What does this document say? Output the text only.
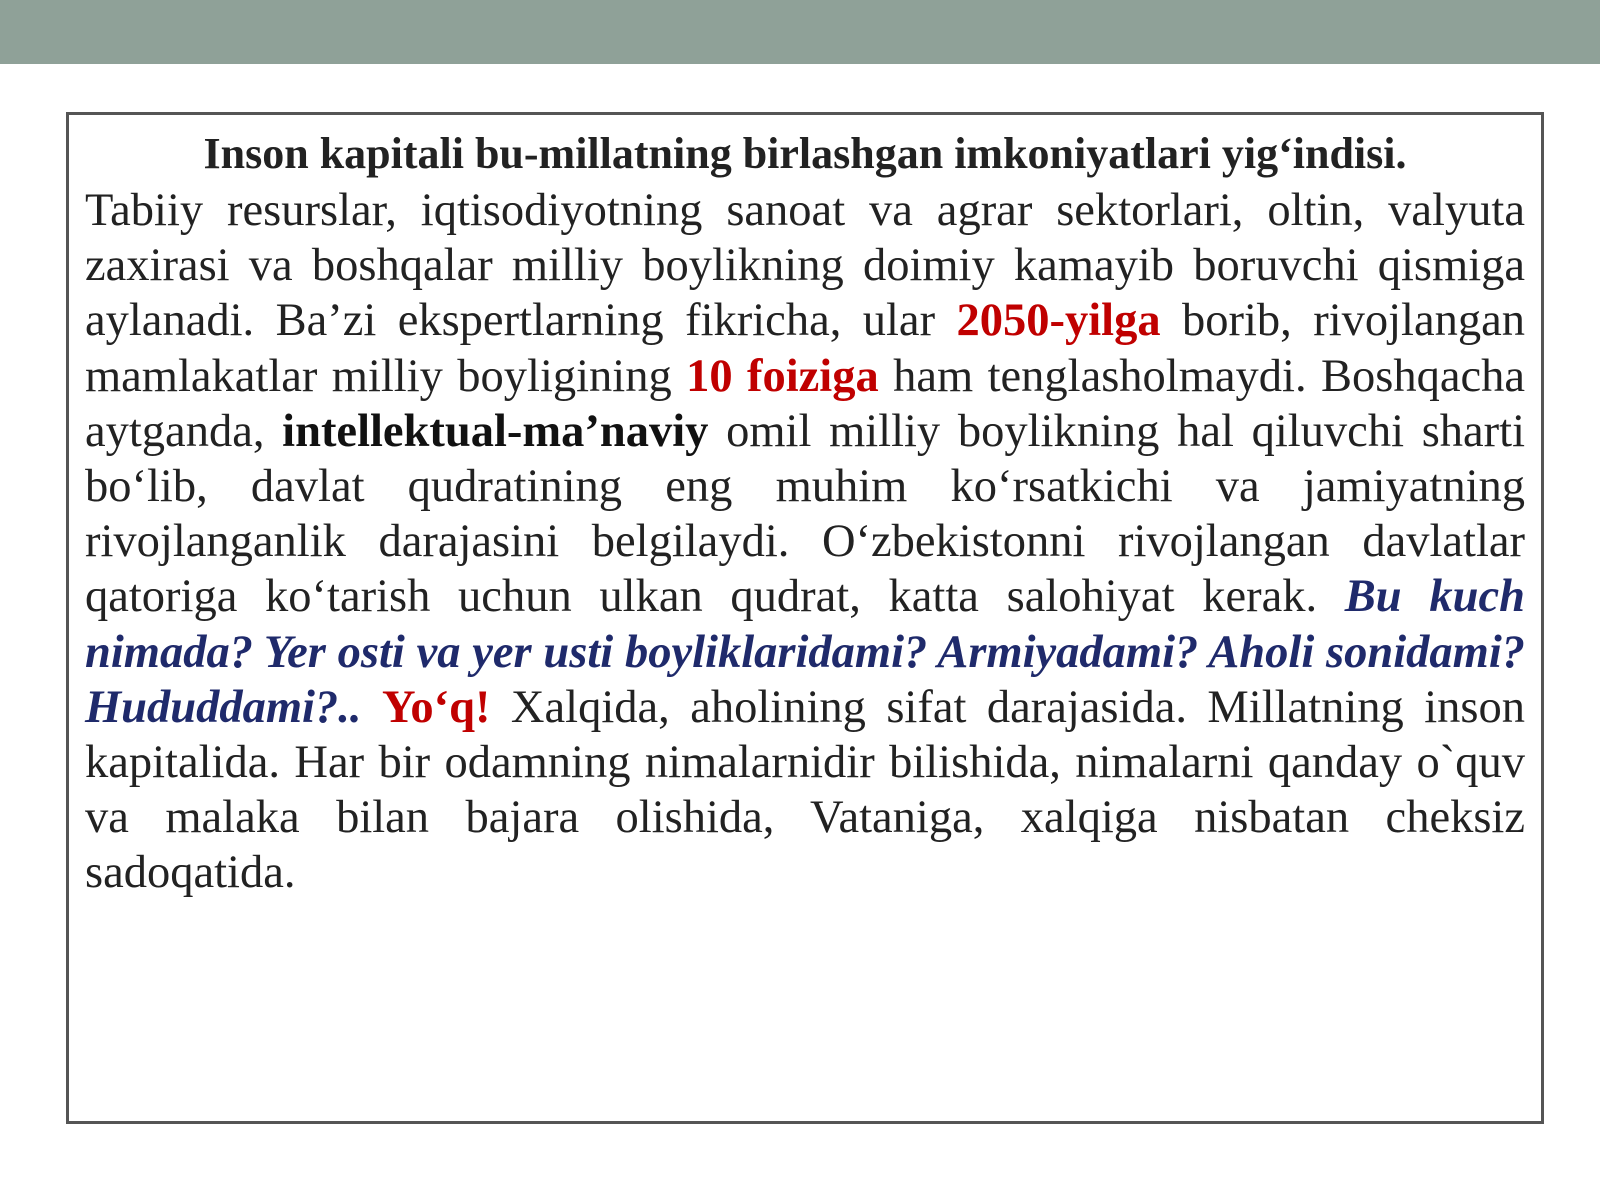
Inson kapitali bu-millatning birlashgan imkoniyatlari yig‘indisi.

Tabiiy resurslar, iqtisodiyotning sanoat va agrar sektorlari, oltin, valyuta zaxirasi va boshqalar milliy boylikning doimiy kamayib boruvchi qismiga aylanadi. Ba’zi ekspertlarning fikricha, ular 2050-yilga borib, rivojlangan mamlakatlar milliy boyligining 10 foiziga ham tenglasholmaydi. Boshqacha aytganda, intellektual-ma’naviy omil milliy boylikning hal qiluvchi sharti bo‘lib, davlat qudratining eng muhim ko‘rsatkichi va jamiyatning rivojlanganlik darajasini belgilaydi. O‘zbekistonni rivojlangan davlatlar qatoriga ko‘tarish uchun ulkan qudrat, katta salohiyat kerak. Bu kuch nimada? Yer osti va yer usti boyliklaridami? Armiyadami? Aholi sonidami? Hududdami?.. Yo‘q! Xalqida, aholining sifat darajasida. Millatning inson kapitalida. Har bir odamning nimalarnidir bilishida, nimalarni qanday o`quv va malaka bilan bajara olishida, Vataniga, xalqiga nisbatan cheksiz sadoqatida.
